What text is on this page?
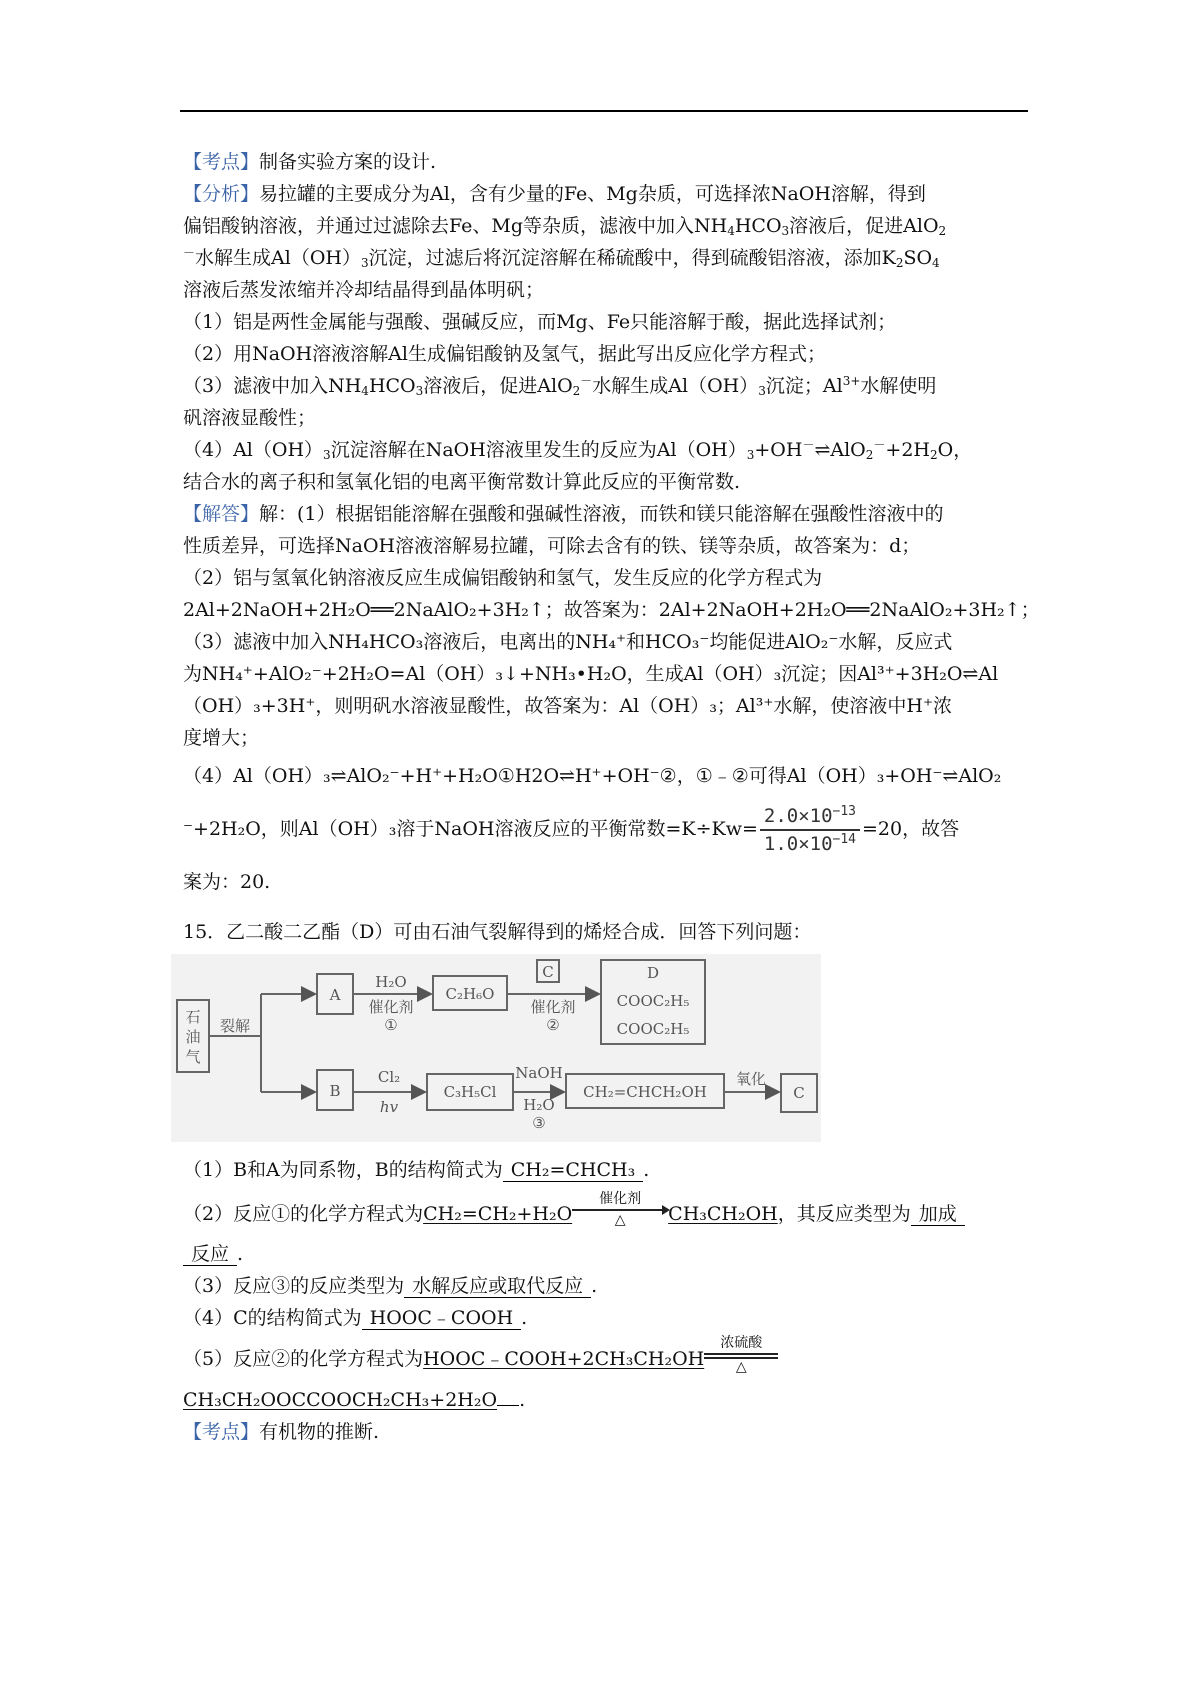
【考点】制备实验方案的设计.
【分析】易拉罐的主要成分为Al，含有少量的Fe、Mg杂质，可选择浓NaOH溶解，得到
偏铝酸钠溶液，并通过过滤除去Fe、Mg等杂质，滤液中加入$NH_4HCO_3$溶液后，促进AlO$_2$
－水解生成$Al(OH)_3$沉淀，过滤后将沉淀溶解在稀硫酸中，得到硫酸铝溶液，添加$K_2SO_4$
溶液后蒸发浓缩并冷却结晶得到晶体明矾；
（1）铝是两性金属能与强酸、强碱反应，而Mg、Fe只能溶解于酸，据此选择试剂；
（2）用NaOH溶液溶解Al生成偏铝酸钠及氢气，据此写出反应化学方程式；
（3）滤液中加入$NH_4HCO_3$溶液后，促进AlO$_2$－水解生成$Al(OH)_3$沉淀；$Al^{3+}$水解使明
矾溶液显酸性；
$(4)Al(OH)_3$沉淀溶解在NaOH溶液里发生的反应为$Al(OH)_3+OH^-\rightleftharpoons AlO_2^-+2H_2O$，
结合水的离子积和氢氧化铝的电离平衡常数计算此反应的平衡常数.
【解答】解：(1）根据铝能溶解在强酸和强碱性溶液，而铁和镁只能溶解在强酸性溶液中的
性质差异，可选择NaOH溶液溶解易拉罐，可除去含有的铁、镁等杂质，故答案为：d；
（2）铝与氢氧化钠溶液反应生成偏铝酸钠和氢气，发生反应的化学方程式为
2Al+2NaOH+2H₂O══2NaAlO₂+3H₂↑；故答案为：2Al+2NaOH+2H₂O══2NaAlO₂+3H₂↑；
（3）滤液中加入NH₄HCO₃溶液后，电离出的NH₄⁺和HCO₃⁻均能促进AlO₂⁻水解，反应式
为NH₄⁺+AlO₂⁻+2H₂O=Al（OH）₃↓+NH₃•H₂O，生成Al（OH）₃沉淀；因Al³⁺+3H₂O⇌Al
（OH）₃+3H⁺，则明矾水溶液显酸性，故答案为：Al（OH）₃；Al³⁺水解，使溶液中H⁺浓
度增大；
（4）Al（OH）₃⇌AlO₂⁻+H⁺+H₂O①H2O⇌H⁺+OH⁻②，①﹣②可得Al（OH）₃+OH⁻⇌AlO₂
⁻+2H₂O，则Al（OH）₃溶于NaOH溶液反应的平衡常数$=K\div Kw= \frac{2.0\times 10^{-13}}{1.0\times 10^{-14}} =20$，故答
案为：20.
15．乙二酸二乙酯（D）可由石油气裂解得到的烯烃合成．回答下列问题：
石
油
气
裂解
A
B
H₂O
催化剂
①
C₂H₆O
C
催化剂
②
D
COOC₂H₅
COOC₂H₅
Cl₂
hv
C₃H₅Cl
NaOH
H₂O
③
CH₂=CHCH₂OH
氧化
C
（1）B和A为同系物，B的结构简式为 CH₂=CHCH₃ .
（2）反应①的化学方程式为CH₂=CH₂+H₂O
催化剂
△	CH₃CH₂OH，其反应类型为 加成
反应 .
（3）反应③的反应类型为 水解反应或取代反应 .
（4）C的结构简式为 HOOC﹣COOH .
（5）反应②的化学方程式为HOOC﹣COOH+2CH₃CH₂OH
浓硫酸
△
CH₃CH₂OOCCOOCH₂CH₃+2H₂O .
【考点】有机物的推断.
